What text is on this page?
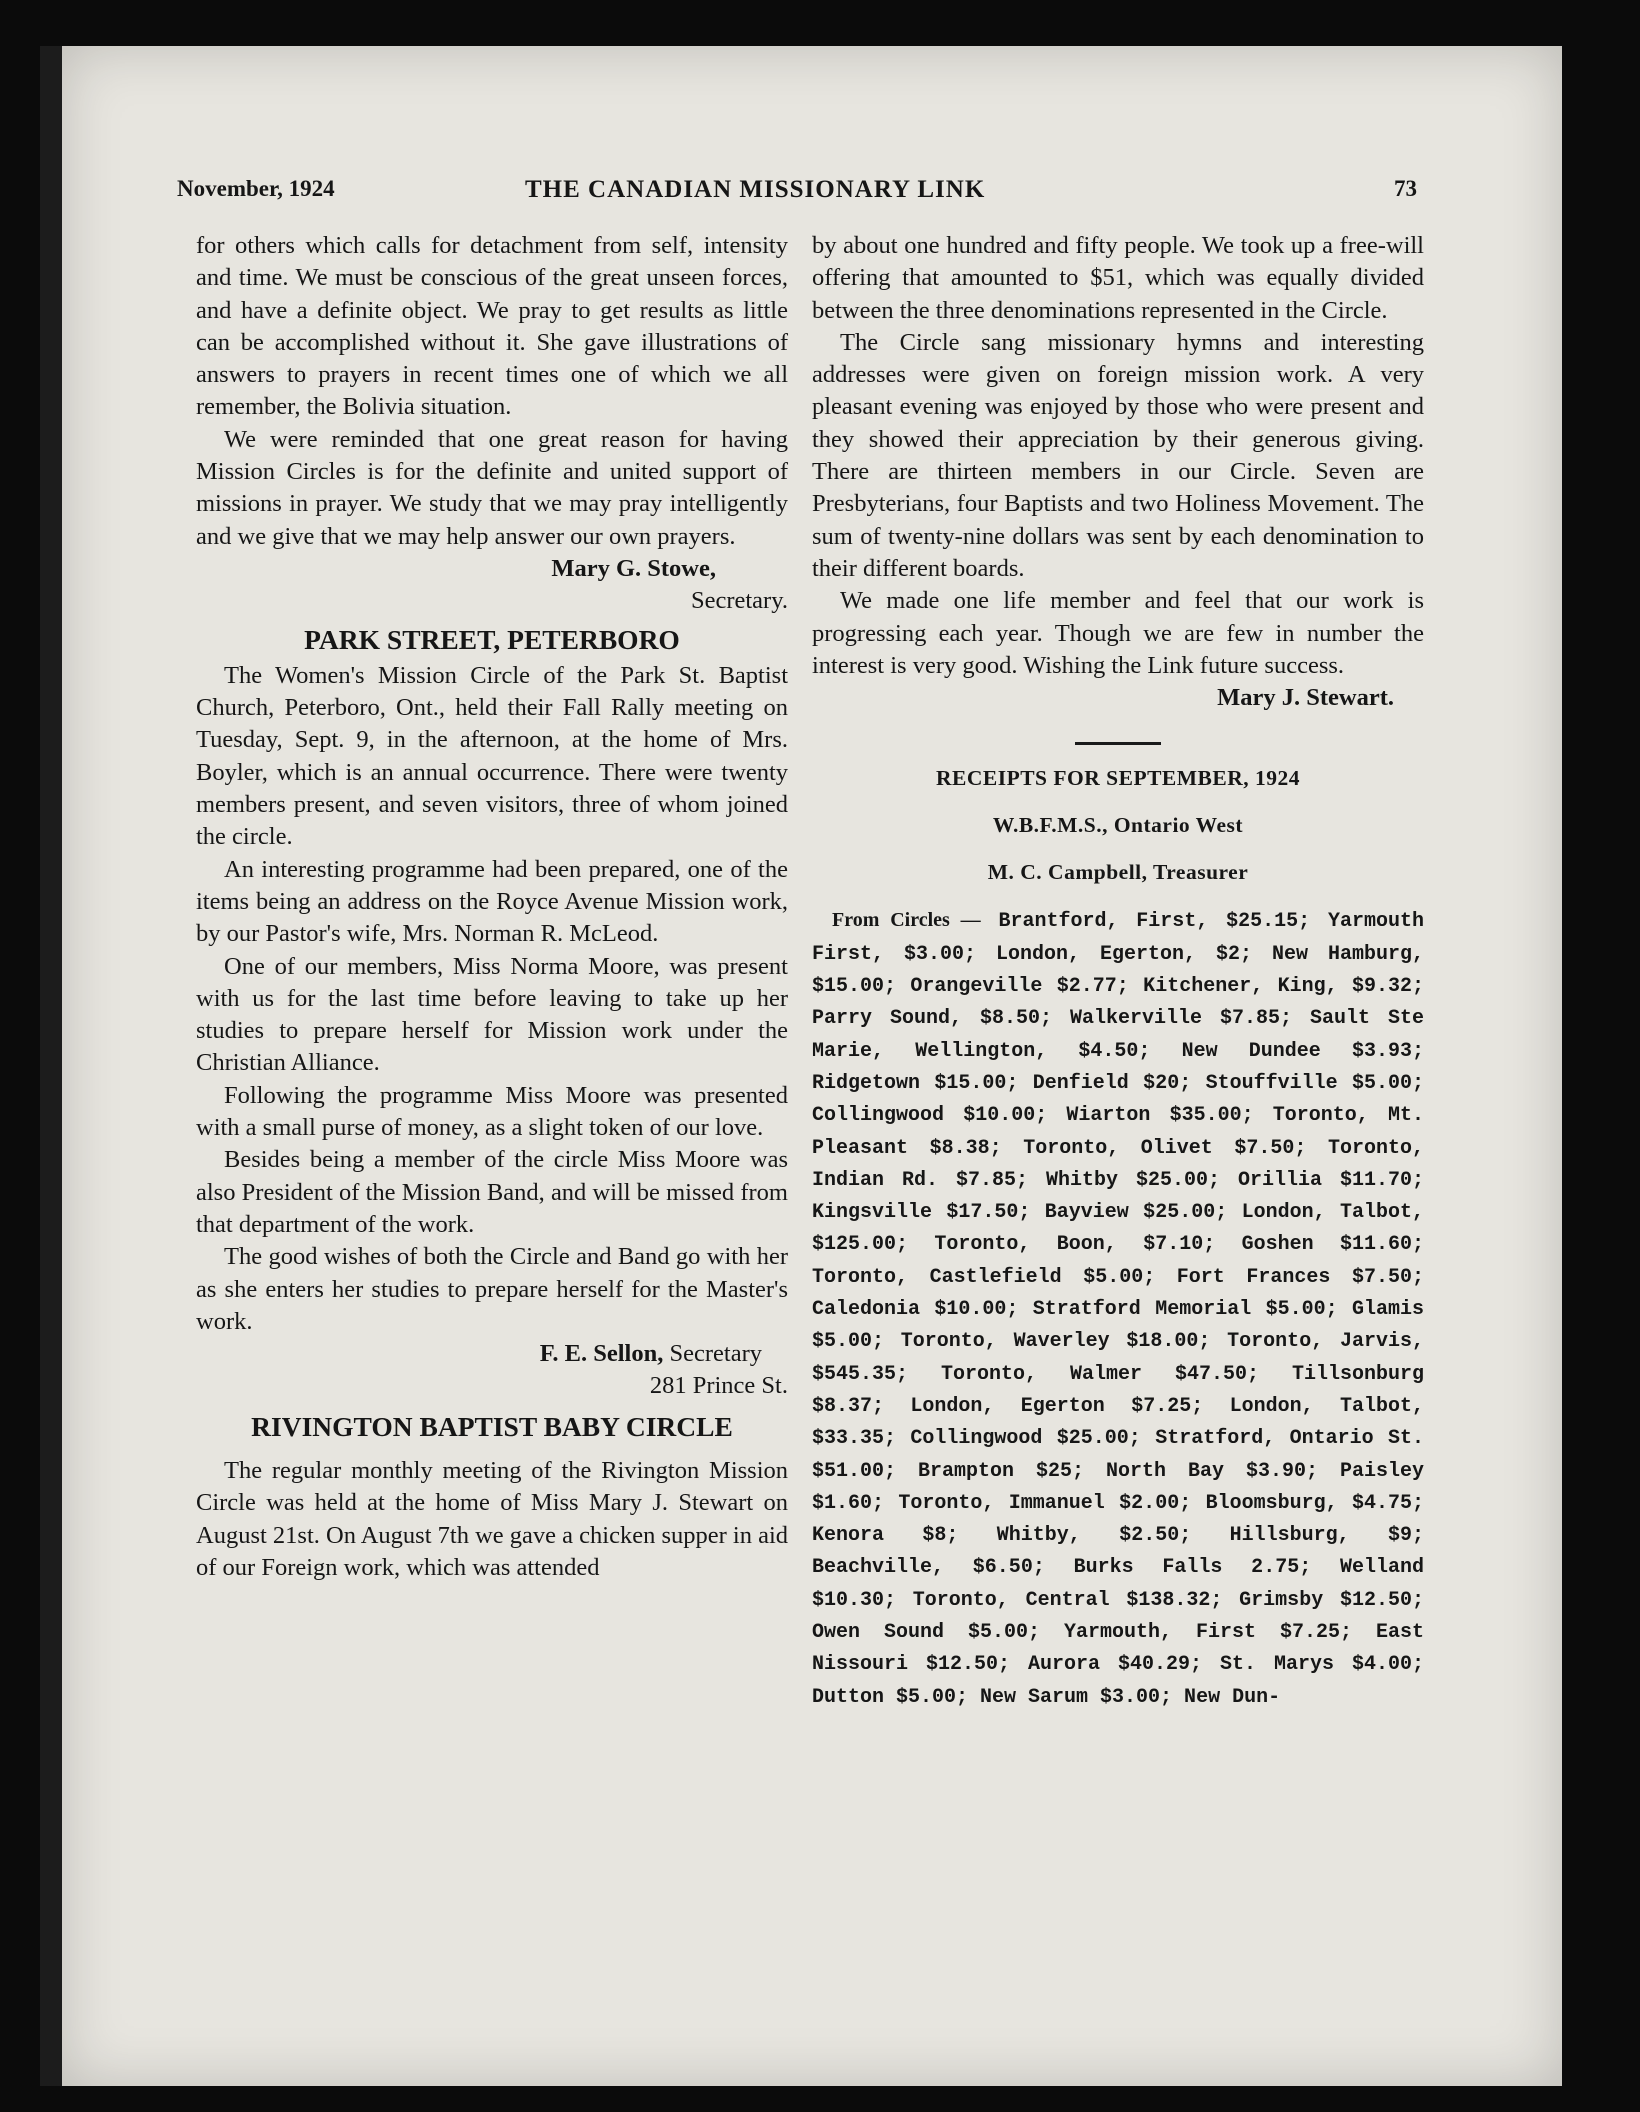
November, 1924	THE CANADIAN MISSIONARY LINK	73

for others which calls for detachment from self, intensity and time. We must be conscious of the great unseen forces, and have a definite object. We pray to get results as little can be accomplished without it. She gave illustrations of answers to prayers in recent times one of which we all remember, the Bolivia situation.

We were reminded that one great reason for having Mission Circles is for the definite and united support of missions in prayer. We study that we may pray intelligently and we give that we may help answer our own prayers.

Mary G. Stowe,

Secretary.

PARK STREET, PETERBORO

The Women's Mission Circle of the Park St. Baptist Church, Peterboro, Ont., held their Fall Rally meeting on Tuesday, Sept. 9, in the afternoon, at the home of Mrs. Boyler, which is an annual occurrence. There were twenty members present, and seven visitors, three of whom joined the circle.

An interesting programme had been prepared, one of the items being an address on the Royce Avenue Mission work, by our Pastor's wife, Mrs. Norman R. McLeod.

One of our members, Miss Norma Moore, was present with us for the last time before leaving to take up her studies to prepare herself for Mission work under the Christian Alliance.

Following the programme Miss Moore was presented with a small purse of money, as a slight token of our love.

Besides being a member of the circle Miss Moore was also President of the Mission Band, and will be missed from that department of the work.

The good wishes of both the Circle and Band go with her as she enters her studies to prepare herself for the Master's work.

F. E. Sellon, Secretary

281 Prince St.

RIVINGTON BAPTIST BABY CIRCLE

The regular monthly meeting of the Rivington Mission Circle was held at the home of Miss Mary J. Stewart on August 21st. On August 7th we gave a chicken supper in aid of our Foreign work, which was attended

by about one hundred and fifty people. We took up a free-will offering that amounted to $51, which was equally divided between the three denominations represented in the Circle.

The Circle sang missionary hymns and interesting addresses were given on foreign mission work. A very pleasant evening was enjoyed by those who were present and they showed their appreciation by their generous giving. There are thirteen members in our Circle. Seven are Presbyterians, four Baptists and two Holiness Movement. The sum of twenty-nine dollars was sent by each denomination to their different boards.

We made one life member and feel that our work is progressing each year. Though we are few in number the interest is very good. Wishing the Link future success.

Mary J. Stewart.

RECEIPTS FOR SEPTEMBER, 1924
W.B.F.M.S., Ontario West
M. C. Campbell, Treasurer

From Circles — Brantford, First, $25.15; Yarmouth First, $3.00; London, Egerton, $2; New Hamburg, $15.00; Orangeville $2.77; Kitchener, King, $9.32; Parry Sound, $8.50; Walkerville $7.85; Sault Ste Marie, Wellington, $4.50; New Dundee $3.93; Ridgetown $15.00; Denfield $20; Stouffville $5.00; Collingwood $10.00; Wiarton $35.00; Toronto, Mt. Pleasant $8.38; Toronto, Olivet $7.50; Toronto, Indian Rd. $7.85; Whitby $25.00; Orillia $11.70; Kingsville $17.50; Bayview $25.00; London, Talbot, $125.00; Toronto, Boon, $7.10; Goshen $11.60; Toronto, Castlefield $5.00; Fort Frances $7.50; Caledonia $10.00; Stratford Memorial $5.00; Glamis $5.00; Toronto, Waverley $18.00; Toronto, Jarvis, $545.35; Toronto, Walmer $47.50; Tillsonburg $8.37; London, Egerton $7.25; London, Talbot, $33.35; Collingwood $25.00; Stratford, Ontario St. $51.00; Brampton $25; North Bay $3.90; Paisley $1.60; Toronto, Immanuel $2.00; Bloomsburg, $4.75; Kenora $8; Whitby, $2.50; Hillsburg, $9; Beachville, $6.50; Burks Falls 2.75; Welland $10.30; Toronto, Central $138.32; Grimsby $12.50; Owen Sound $5.00; Yarmouth, First $7.25; East Nissouri $12.50; Aurora $40.29; St. Marys $4.00; Dutton $5.00; New Sarum $3.00; New Dun-
